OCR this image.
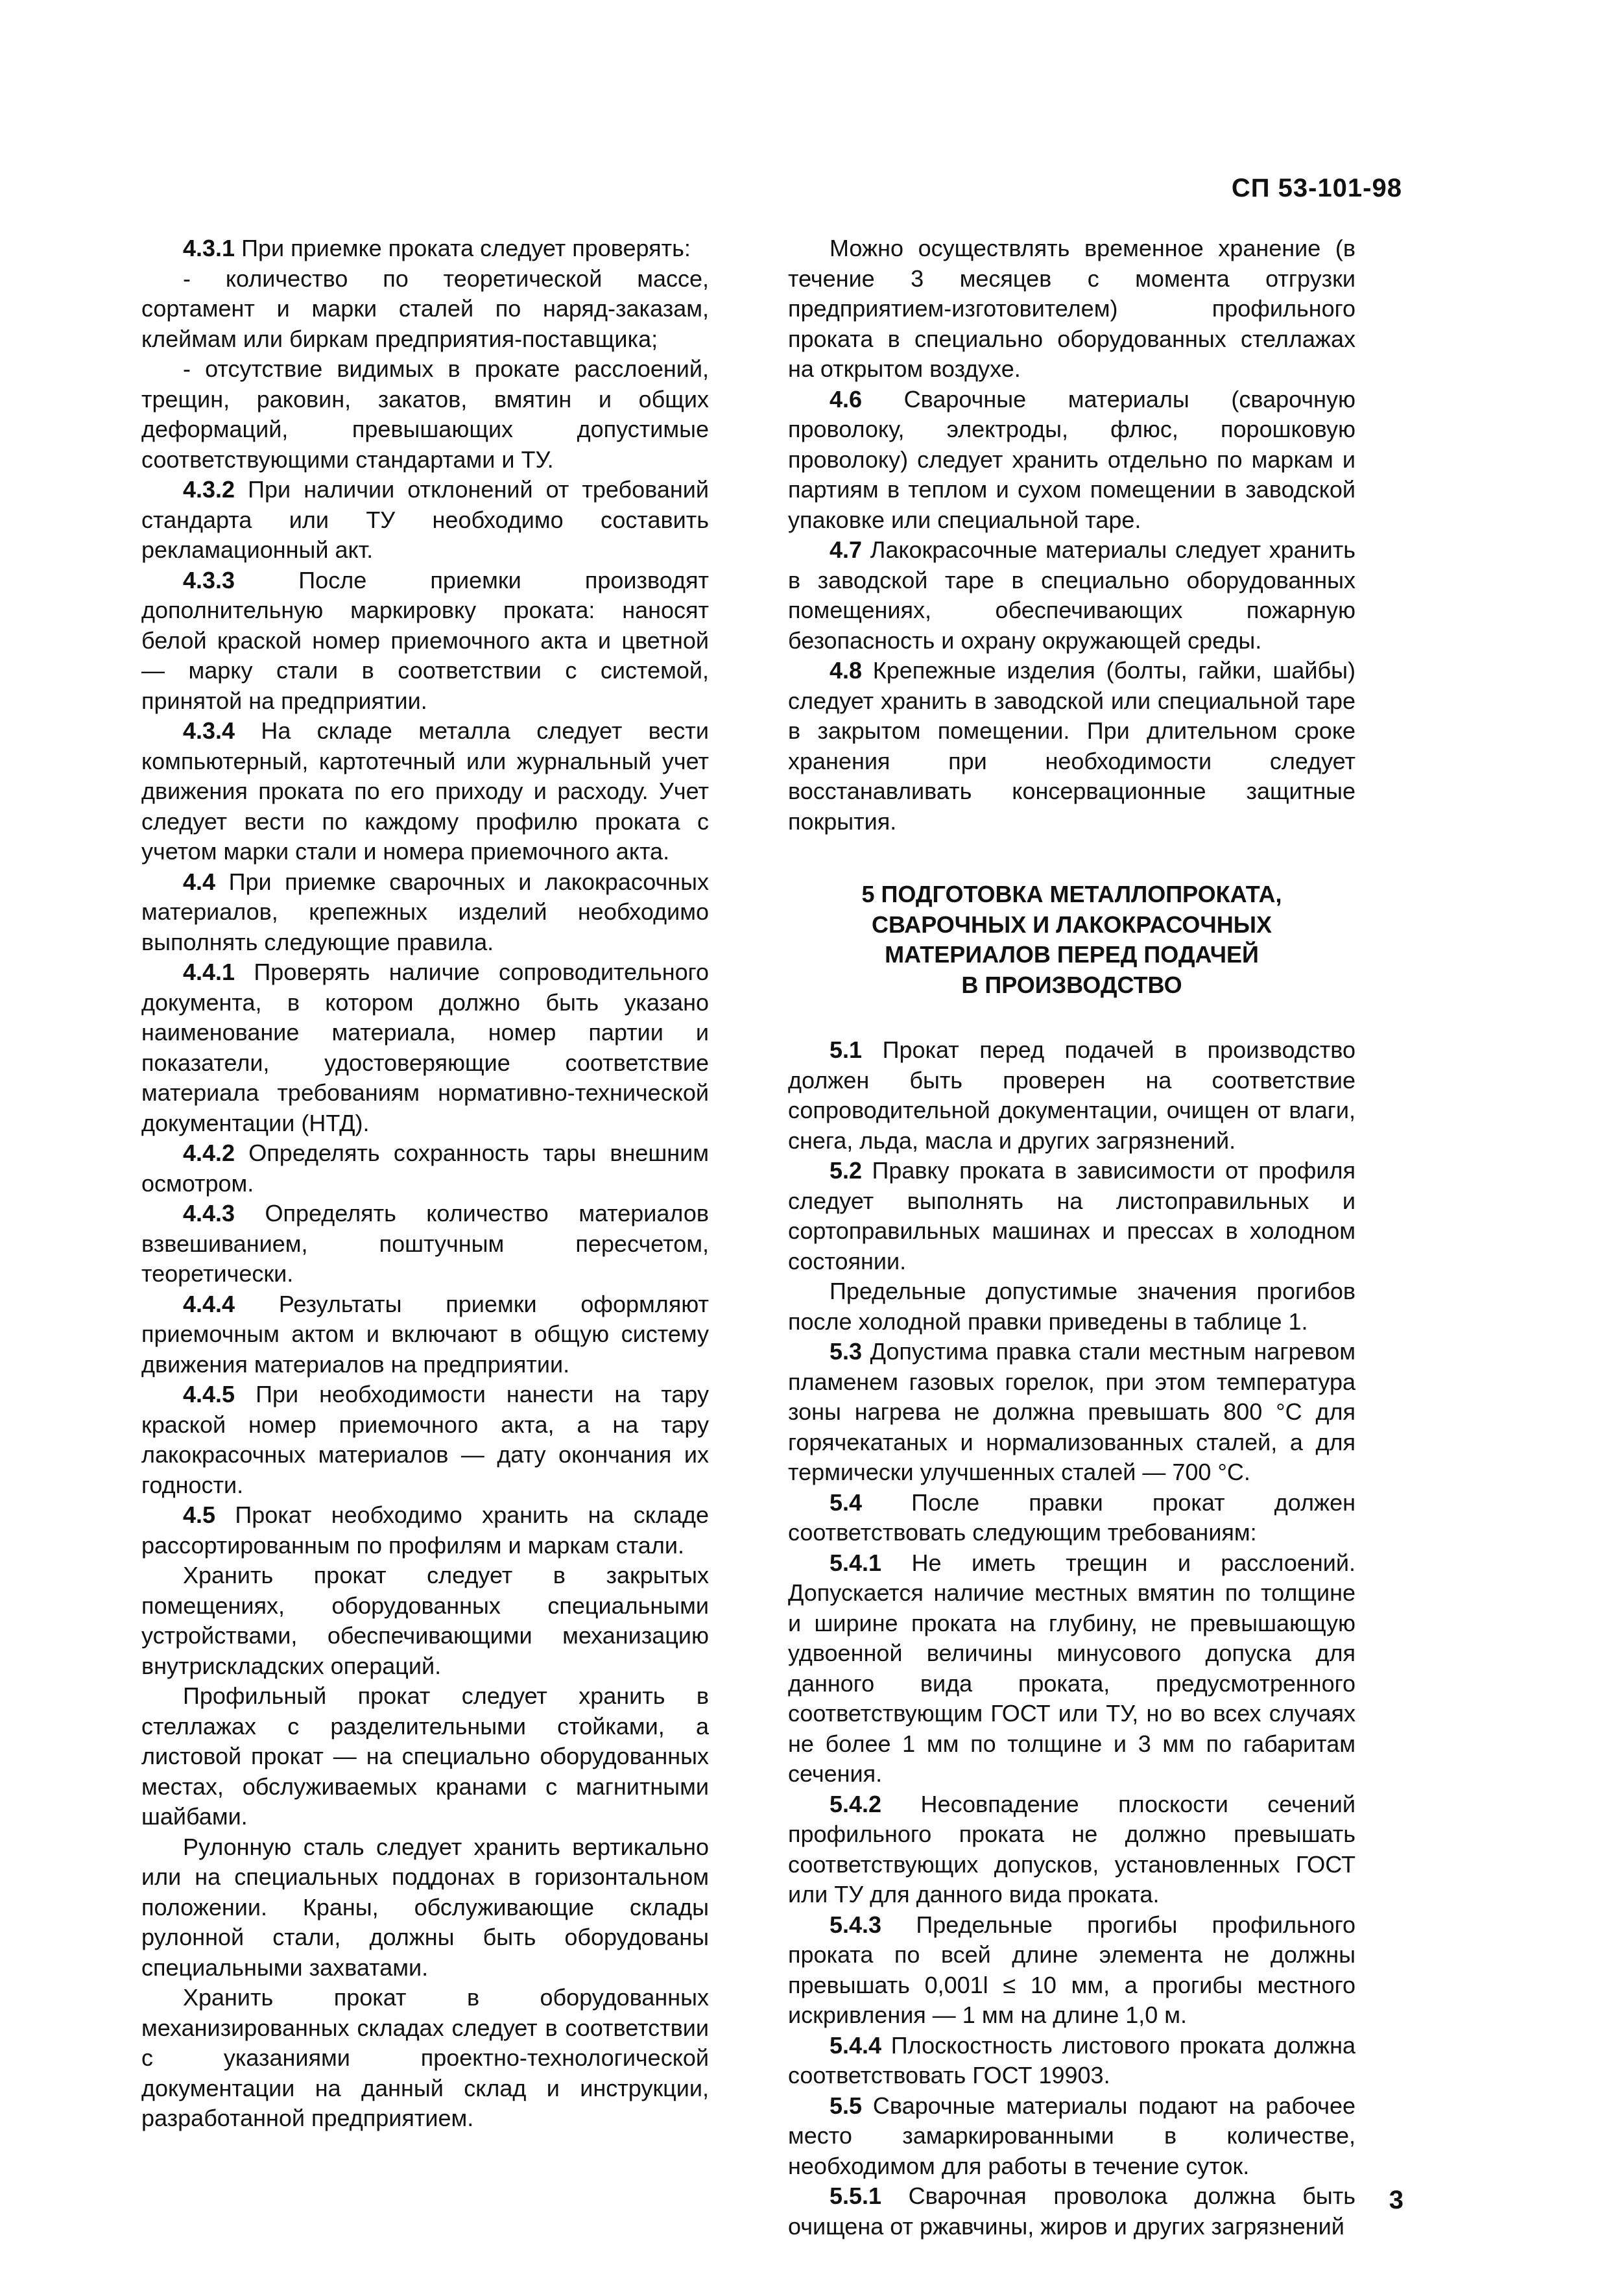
СП 53-101-98

4.3.1 При приемке проката следует проверять:

- количество по теоретической массе, сортамент и марки сталей по наряд-заказам, клеймам или биркам предприятия-поставщика;

- отсутствие видимых в прокате расслоений, трещин, раковин, закатов, вмятин и общих деформаций, превышающих допустимые соответствующими стандартами и ТУ.

4.3.2 При наличии отклонений от требований стандарта или ТУ необходимо составить рекламационный акт.

4.3.3	После приемки производят дополнительную маркировку проката: наносят белой краской номер приемочного акта и цветной — марку стали в соответствии с системой, принятой на предприятии.

4.3.4 На складе металла следует вести компьютерный, картотечный или журнальный учет движения проката по его приходу и расходу. Учет следует вести по каждому профилю проката с учетом марки стали и номера приемочного акта.

4.4 При приемке сварочных и лакокрасочных материалов, крепежных изделий необходимо выполнять следующие правила.

4.4.1 Проверять наличие сопроводительного документа, в котором должно быть указано наименование материала, номер партии и показатели, удостоверяющие соответствие материала требованиям нормативно-технической документации (НТД).

4.4.2 Определять сохранность тары внешним осмотром.

4.4.3 Определять количество материалов взвешиванием, поштучным пересчетом, теоретически.

4.4.4 Результаты приемки оформляют приемочным актом и включают в общую систему движения материалов на предприятии.

4.4.5 При необходимости нанести на тару краской номер приемочного акта, а на тару лакокрасочных материалов — дату окончания их годности.

4.5 Прокат необходимо хранить на складе рассортированным по профилям и маркам стали.

Хранить прокат следует в закрытых помещениях, оборудованных специальными устройствами, обеспечивающими механизацию внутрискладских операций.

Профильный прокат следует хранить в стеллажах с разделительными стойками, а листовой прокат — на специально оборудованных местах, обслуживаемых кранами с магнитными шайбами.

Рулонную сталь следует хранить вертикально или на специальных поддонах в горизонтальном положении. Краны, обслуживающие склады рулонной стали, должны быть оборудованы специальными захватами.

Хранить прокат в оборудованных механизированных складах следует в соответствии с указаниями проектно-технологической документации на данный склад и инструкции, разработанной предприятием.

Можно осуществлять временное хранение (в течение 3 месяцев с момента отгрузки предприятием-изготовителем) профильного проката в специально оборудованных стеллажах на открытом воздухе.

4.6 Сварочные материалы (сварочную проволоку, электроды, флюс, порошковую проволоку) следует хранить отдельно по маркам и партиям в теплом и сухом помещении в заводской упаковке или специальной таре.

4.7 Лакокрасочные материалы следует хранить в заводской таре в специально оборудованных помещениях, обеспечивающих пожарную безопасность и охрану окружающей среды.

4.8 Крепежные изделия (болты, гайки, шайбы) следует хранить в заводской или специальной таре в закрытом помещении. При длительном сроке хранения при необходимости следует восстанавливать консервационные защитные покрытия.

5 ПОДГОТОВКА МЕТАЛЛОПРОКАТА,
СВАРОЧНЫХ И ЛАКОКРАСОЧНЫХ
МАТЕРИАЛОВ ПЕРЕД ПОДАЧЕЙ
В ПРОИЗВОДСТВО

5.1 Прокат перед подачей в производство должен быть проверен на соответствие сопроводительной документации, очищен от влаги, снега, льда, масла и других загрязнений.

5.2 Правку проката в зависимости от профиля следует выполнять на листоправильных и сортоправильных машинах и прессах в холодном состоянии.

Предельные допустимые значения прогибов после холодной правки приведены в таблице 1.

5.3 Допустима правка стали местным нагревом пламенем газовых горелок, при этом температура зоны нагрева не должна превышать 800 °С для горячекатаных и нормализованных сталей, а для термически улучшенных сталей — 700 °С.

5.4 После правки прокат должен соответствовать следующим требованиям:

5.4.1 Не иметь трещин и расслоений. Допускается наличие местных вмятин по толщине и ширине проката на глубину, не превышающую удвоенной величины минусового допуска для данного вида проката, предусмотренного соответствующим ГОСТ или ТУ, но во всех случаях не более 1 мм по толщине и 3 мм по габаритам сечения.

5.4.2 Несовпадение плоскости сечений профильного проката не должно превышать соответствующих допусков, установленных ГОСТ или ТУ для данного вида проката.

5.4.3 Предельные прогибы профильного проката по всей длине элемента не должны превышать 0,001l ≤ 10 мм, а прогибы местного искривления — 1 мм на длине 1,0 м.

5.4.4 Плоскостность листового проката должна соответствовать ГОСТ 19903.

5.5 Сварочные материалы подают на рабочее место замаркированными в количестве, необходимом для работы в течение суток.

5.5.1 Сварочная проволока должна быть очищена от ржавчины, жиров и других загрязнений

3
